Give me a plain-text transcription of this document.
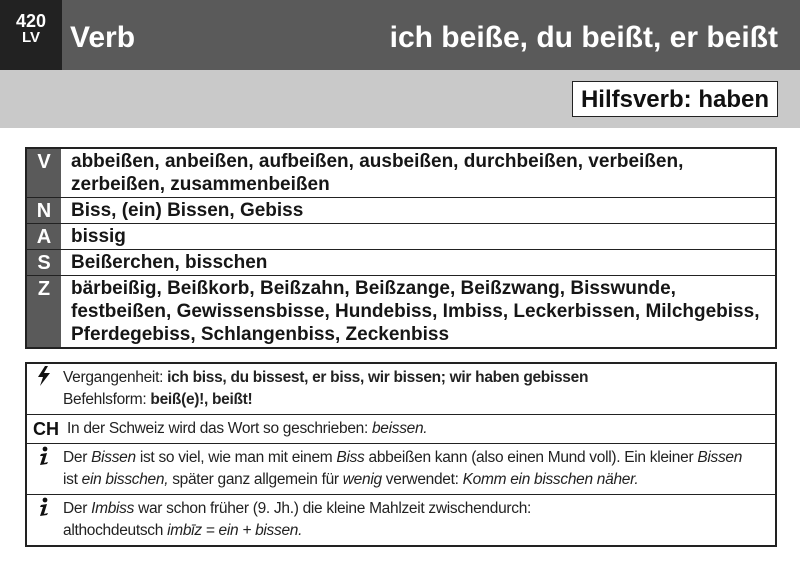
420
LV Verb	ich beiße, du beißt, er beißt
Hilfsverb: haben
V	abbeißen, anbeißen, aufbeißen, ausbeißen, durchbeißen, verbeißen, zerbeißen, zusammenbeißen
N	Biss, (ein) Bissen, Gebiss
A	bissig
S	Beißerchen, bisschen
Z	bärbeißig, Beißkorb, Beißzahn, Beißzange, Beißzwang, Bisswunde, festbeißen, Gewissensbisse, Hundebiss, Imbiss, Leckerbissen, Milchgebiss, Pferdegebiss, Schlangenbiss, Zeckenbiss
Vergangenheit: ich biss, du bissest, er biss, wir bissen; wir haben gebissen
Befehlsform: beiß(e)!, beißt!
CH In der Schweiz wird das Wort so geschrieben: beissen.
Der Bissen ist so viel, wie man mit einem Biss abbeißen kann (also einen Mund voll). Ein kleiner Bissen
ist ein bisschen, später ganz allgemein für wenig verwendet: Komm ein bisschen näher.
Der Imbiss war schon früher (9. Jh.) die kleine Mahlzeit zwischendurch:
althochdeutsch imbīz = ein + bissen.
